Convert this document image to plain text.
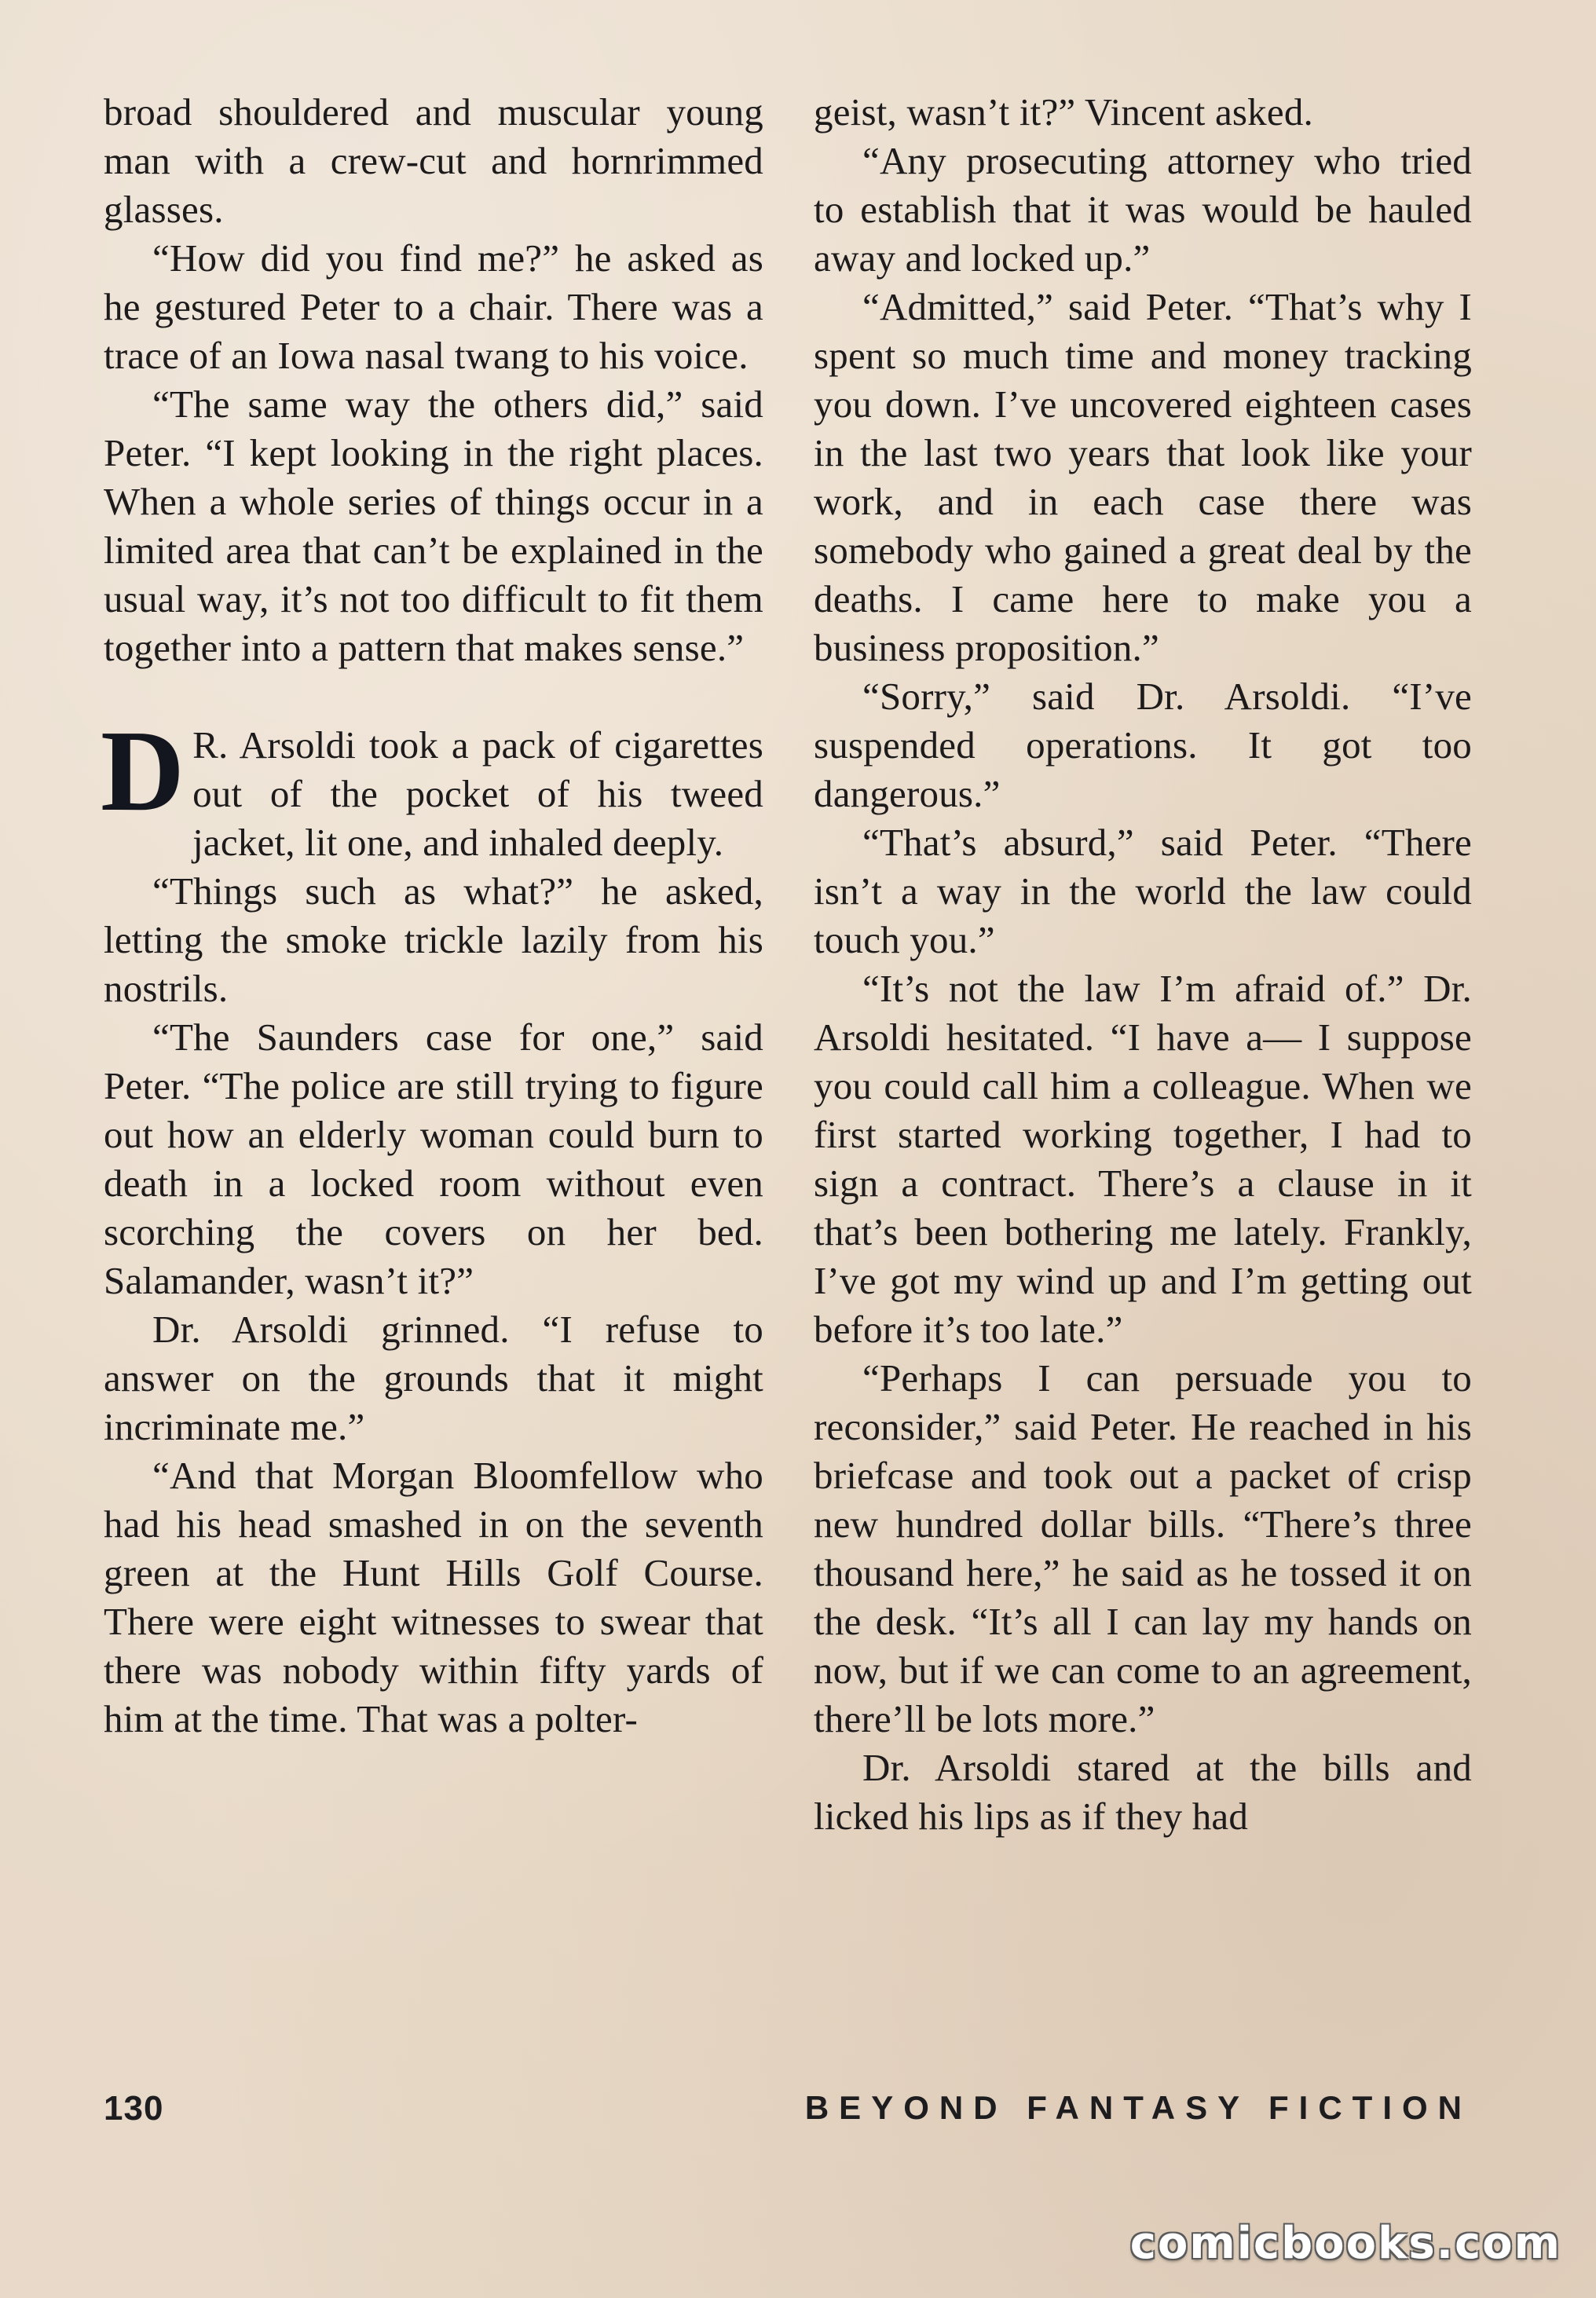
broad shouldered and muscular young man with a crew-cut and hornrimmed glasses.

“How did you find me?” he asked as he gestured Peter to a chair. There was a trace of an Iowa nasal twang to his voice.

“The same way the others did,” said Peter. “I kept looking in the right places. When a whole series of things occur in a limited area that can’t be explained in the usual way, it’s not too difficult to fit them together into a pattern that makes sense.”

D R. Arsoldi took a pack of cigarettes out of the pocket of his tweed jacket, lit one, and inhaled deeply.

“Things such as what?” he asked, letting the smoke trickle lazily from his nostrils.

“The Saunders case for one,” said Peter. “The police are still trying to figure out how an elderly woman could burn to death in a locked room without even scorching the covers on her bed. Salamander, wasn’t it?”

Dr. Arsoldi grinned. “I refuse to answer on the grounds that it might incriminate me.”

“And that Morgan Bloomfellow who had his head smashed in on the seventh green at the Hunt Hills Golf Course. There were eight witnesses to swear that there was nobody within fifty yards of him at the time. That was a polter-

geist, wasn’t it?” Vincent asked.

“Any prosecuting attorney who tried to establish that it was would be hauled away and locked up.”

“Admitted,” said Peter. “That’s why I spent so much time and money tracking you down. I’ve uncovered eighteen cases in the last two years that look like your work, and in each case there was somebody who gained a great deal by the deaths. I came here to make you a business proposition.”

“Sorry,” said Dr. Arsoldi. “I’ve suspended operations. It got too dangerous.”

“That’s absurd,” said Peter. “There isn’t a way in the world the law could touch you.”

“It’s not the law I’m afraid of.” Dr. Arsoldi hesitated. “I have a— I suppose you could call him a colleague. When we first started working together, I had to sign a contract. There’s a clause in it that’s been bothering me lately. Frankly, I’ve got my wind up and I’m getting out before it’s too late.”

“Perhaps I can persuade you to reconsider,” said Peter. He reached in his briefcase and took out a packet of crisp new hundred dollar bills. “There’s three thousand here,” he said as he tossed it on the desk. “It’s all I can lay my hands on now, but if we can come to an agreement, there’ll be lots more.”

Dr. Arsoldi stared at the bills and licked his lips as if they had

130	BEYOND FANTASY FICTION
comicbooks.com
